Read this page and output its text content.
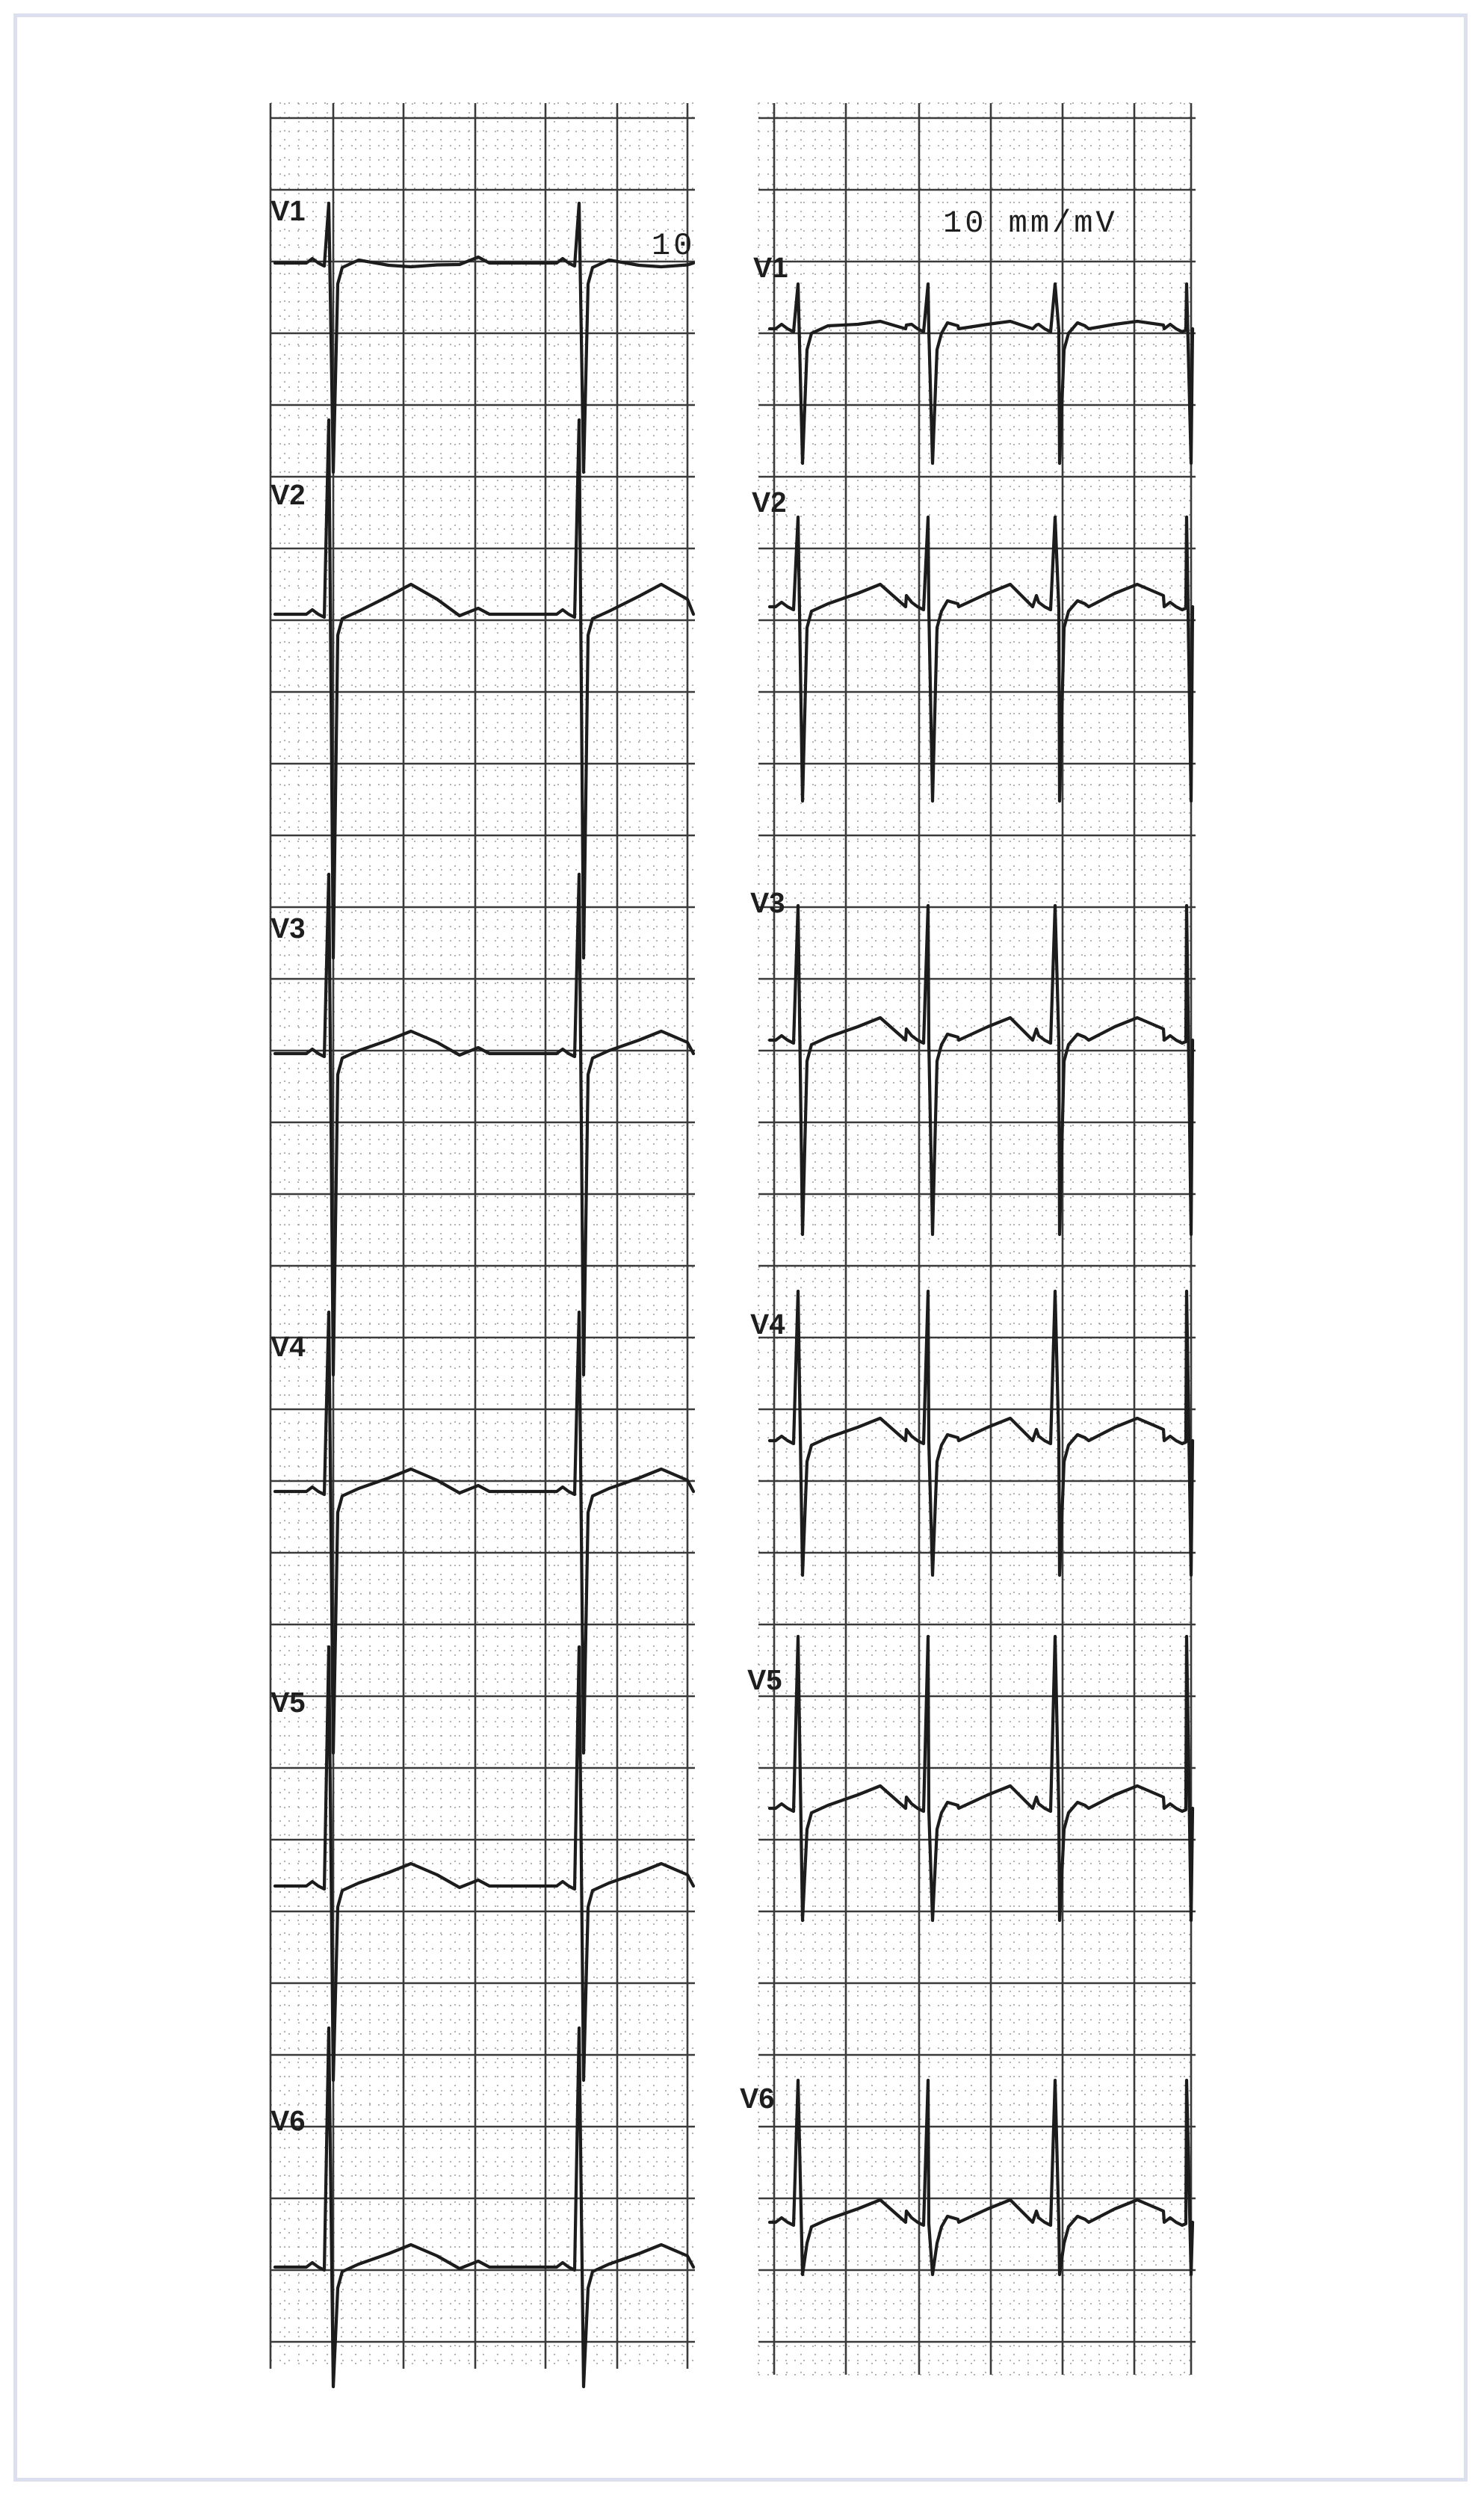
V1
V2
V3
V4
V5
V6
V1
V2
V3
V4
V5
V6
10
10 mm/mV
